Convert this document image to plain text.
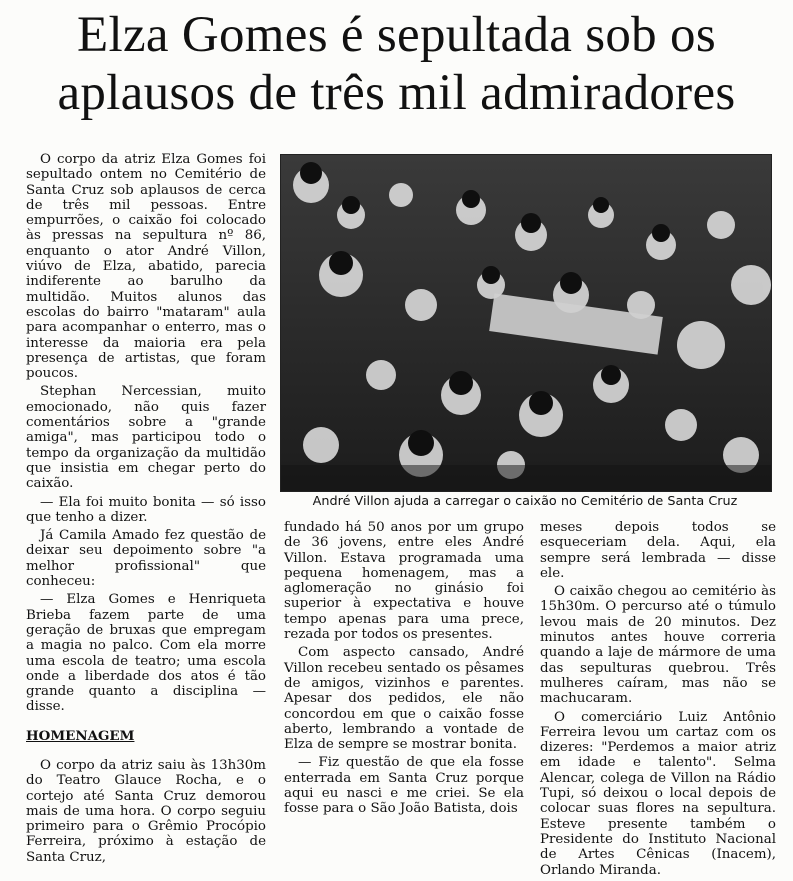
Elza Gomes é sepultada sob os
aplausos de três mil admiradores

O corpo da atriz Elza Gomes foi sepultado ontem no Cemitério de Santa Cruz sob aplausos de cerca de três mil pessoas. Entre empurrões, o caixão foi colocado às pressas na sepultura nº 86, enquanto o ator André Villon, viúvo de Elza, abatido, parecia indiferente ao barulho da multidão. Muitos alunos das escolas do bairro "mataram" aula para acompanhar o enterro, mas o interesse da maioria era pela presença de artistas, que foram poucos.

Stephan Nercessian, muito emocionado, não quis fazer comentários sobre a "grande amiga", mas participou todo o tempo da organização da multidão que insistia em chegar perto do caixão.

— Ela foi muito bonita — só isso que tenho a dizer.

Já Camila Amado fez questão de deixar seu depoimento sobre "a melhor profissional" que conheceu:

— Elza Gomes e Henriqueta Brieba fazem parte de uma geração de bruxas que empregam a magia no palco. Com ela morre uma escola de teatro; uma escola onde a liberdade dos atos é tão grande quanto a disciplina — disse.

HOMENAGEM

O corpo da atriz saiu às 13h30m do Teatro Glauce Rocha, e o cortejo até Santa Cruz demorou mais de uma hora. O corpo seguiu primeiro para o Grêmio Procópio Ferreira, próximo à estação de Santa Cruz,

André Villon ajuda a carregar o caixão no Cemitério de Santa Cruz

fundado há 50 anos por um grupo de 36 jovens, entre eles André Villon. Estava programada uma pequena homenagem, mas a aglomeração no ginásio foi superior à expectativa e houve tempo apenas para uma prece, rezada por todos os presentes.

Com aspecto cansado, André Villon recebeu sentado os pêsames de amigos, vizinhos e parentes. Apesar dos pedidos, ele não concordou em que o caixão fosse aberto, lembrando a vontade de Elza de sempre se mostrar bonita.

— Fiz questão de que ela fosse enterrada em Santa Cruz porque aqui eu nasci e me criei. Se ela fosse para o São João Batista, dois

meses depois todos se esqueceriam dela. Aqui, ela sempre será lembrada — disse ele.

O caixão chegou ao cemitério às 15h30m. O percurso até o túmulo levou mais de 20 minutos. Dez minutos antes houve correria quando a laje de mármore de uma das sepulturas quebrou. Três mulheres caíram, mas não se machucaram.

O comerciário Luiz Antônio Ferreira levou um cartaz com os dizeres: "Perdemos a maior atriz em idade e talento". Selma Alencar, colega de Villon na Rádio Tupi, só deixou o local depois de colocar suas flores na sepultura. Esteve presente também o Presidente do Instituto Nacional de Artes Cênicas (Inacem), Orlando Miranda.
